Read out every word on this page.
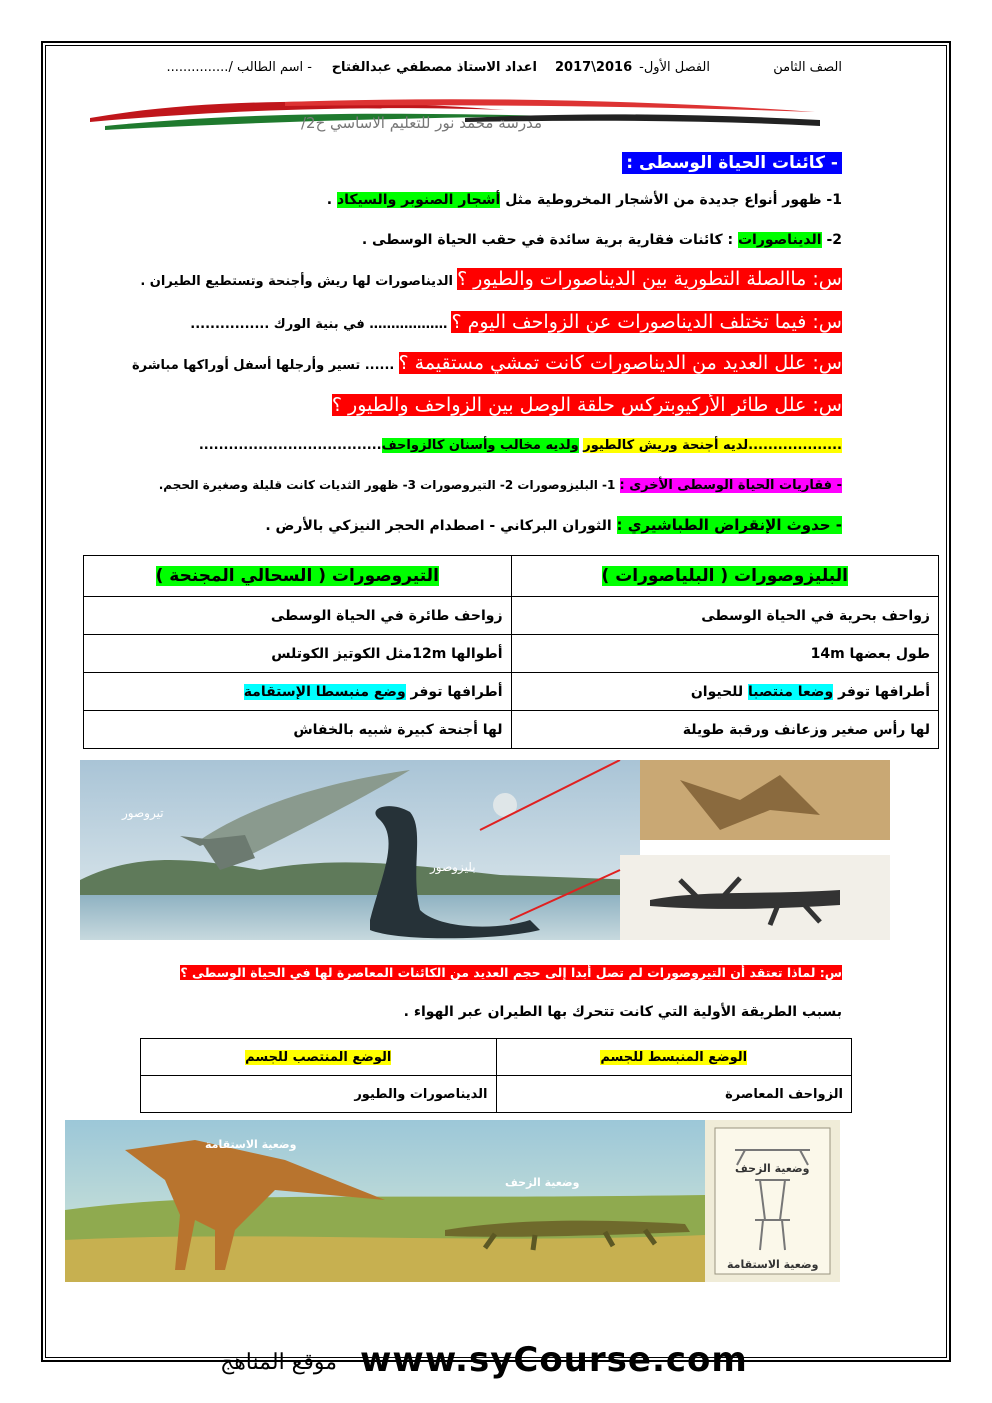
الصف الثامن
الفصل الأول-
2017\2016
اعداد الاستاذ مصطفي عبدالفتاح
- اسم الطالب /...............
مدرسة محمد نور للتعليم الاساسي ح2/
- كائنات الحياة الوسطى :
1- ظهور أنواع جديدة من الأشجار المخروطية مثل أشجار الصنوبر والسيكاد .
2- الديناصورات : كائنات فقارية برية سائدة في حقب الحياة الوسطى .
س: ماالصلة التطورية بين الديناصورات والطيور ؟ الديناصورات لها ريش وأجنحة وتستطيع الطيران .
س: فيما تختلف الديناصورات عن الزواحف اليوم ؟ ……………… في بنية الورك ................
س: علل العديد من الديناصورات كانت تمشي مستقيمة ؟ ...... تسير وأرجلها أسفل أوراكها مباشرة
س: علل طائر الأركيوبتركس حلقة الوصل بين الزواحف والطيور ؟
...................لديه أجنحة وريش كالطيور ولديه مخالب وأسنان كالزواحف.....................................
- فقاريات الحياة الوسطى الأخرى : 1- البليزوصورات 2- التيروصورات 3- ظهور الثديات كانت قليلة وصغيرة الحجم.
- حدوث الإنقراض الطباشيري : الثوران البركاني - اصطدام الحجر النيزكي بالأرض .
التيروصورات ( السحالي المجنحة )	البليزوصورات ( البلياصورات )
زواحف طائرة في الحياة الوسطى	زواحف بحرية في الحياة الوسطى
أطوالها 12mمثل الكوتيز الكوتلس	طول بعضها 14m
أطرافها توفر وضع منبسطا الإستقامة	أطرافها توفر وضعا منتصبا للحيوان
لها أجنحة كبيرة شبيه بالخفاش	لها رأس صغير وزعانف ورقبة طويلة
تيروصور
بليزوصور
س: لماذا تعتقد أن التيروصورات لم تصل أبدا إلى حجم العديد من الكائنات المعاصرة لها في الحياة الوسطى ؟
بسبب الطريقة الأولية التي كانت تتحرك بها الطيران عبر الهواء .
الوضع المنتصب للجسم	الوضع المنبسط للجسم
الديناصورات والطيور	الزواحف المعاصرة
وضعية الاستقامة
وضعية الزحف
وضعية الزحف
وضعية الاستقامة
www.syCourse.com
موقع المناهج
